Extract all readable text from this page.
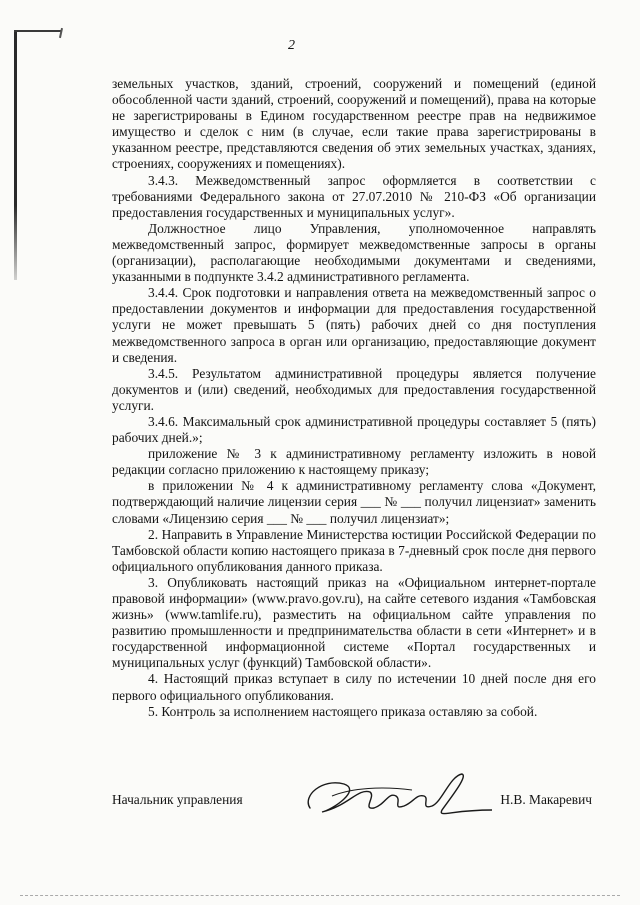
2

земельных участков, зданий, строений, сооружений и помещений (единой обособленной части зданий, строений, сооружений и помещений), права на которые не зарегистрированы в Едином государственном реестре прав на недвижимое имущество и сделок с ним (в случае, если такие права зарегистрированы в указанном реестре, представляются сведения об этих земельных участках, зданиях, строениях, сооружениях и помещениях).

3.4.3. Межведомственный запрос оформляется в соответствии с требованиями Федерального закона от 27.07.2010 № 210-ФЗ «Об организации предоставления государственных и муниципальных услуг».

Должностное лицо Управления, уполномоченное направлять межведомственный запрос, формирует межведомственные запросы в органы (организации), располагающие необходимыми документами и сведениями, указанными в подпункте 3.4.2 административного регламента.

3.4.4. Срок подготовки и направления ответа на межведомственный запрос о предоставлении документов и информации для предоставления государственной услуги не может превышать 5 (пять) рабочих дней со дня поступления межведомственного запроса в орган или организацию, предоставляющие документ и сведения.

3.4.5. Результатом административной процедуры является получение документов и (или) сведений, необходимых для предоставления государственной услуги.

3.4.6. Максимальный срок административной процедуры составляет 5 (пять) рабочих дней.»;

приложение № 3 к административному регламенту изложить в новой редакции согласно приложению к настоящему приказу;

в приложении № 4 к административному регламенту слова «Документ, подтверждающий наличие лицензии серия ___ № ___ получил лицензиат» заменить словами «Лицензию серия ___ № ___ получил лицензиат»;

2. Направить в Управление Министерства юстиции Российской Федерации по Тамбовской области копию настоящего приказа в 7-дневный срок после дня первого официального опубликования данного приказа.

3. Опубликовать настоящий приказ на «Официальном интернет-портале правовой информации» (www.pravo.gov.ru), на сайте сетевого издания «Тамбовская жизнь» (www.tamlife.ru), разместить на официальном сайте управления по развитию промышленности и предпринимательства области в сети «Интернет» и в государственной информационной системе «Портал государственных и муниципальных услуг (функций) Тамбовской области».

4. Настоящий приказ вступает в силу по истечении 10 дней после дня его первого официального опубликования.

5. Контроль за исполнением настоящего приказа оставляю за собой.

Начальник управления	Н.В. Макаревич
